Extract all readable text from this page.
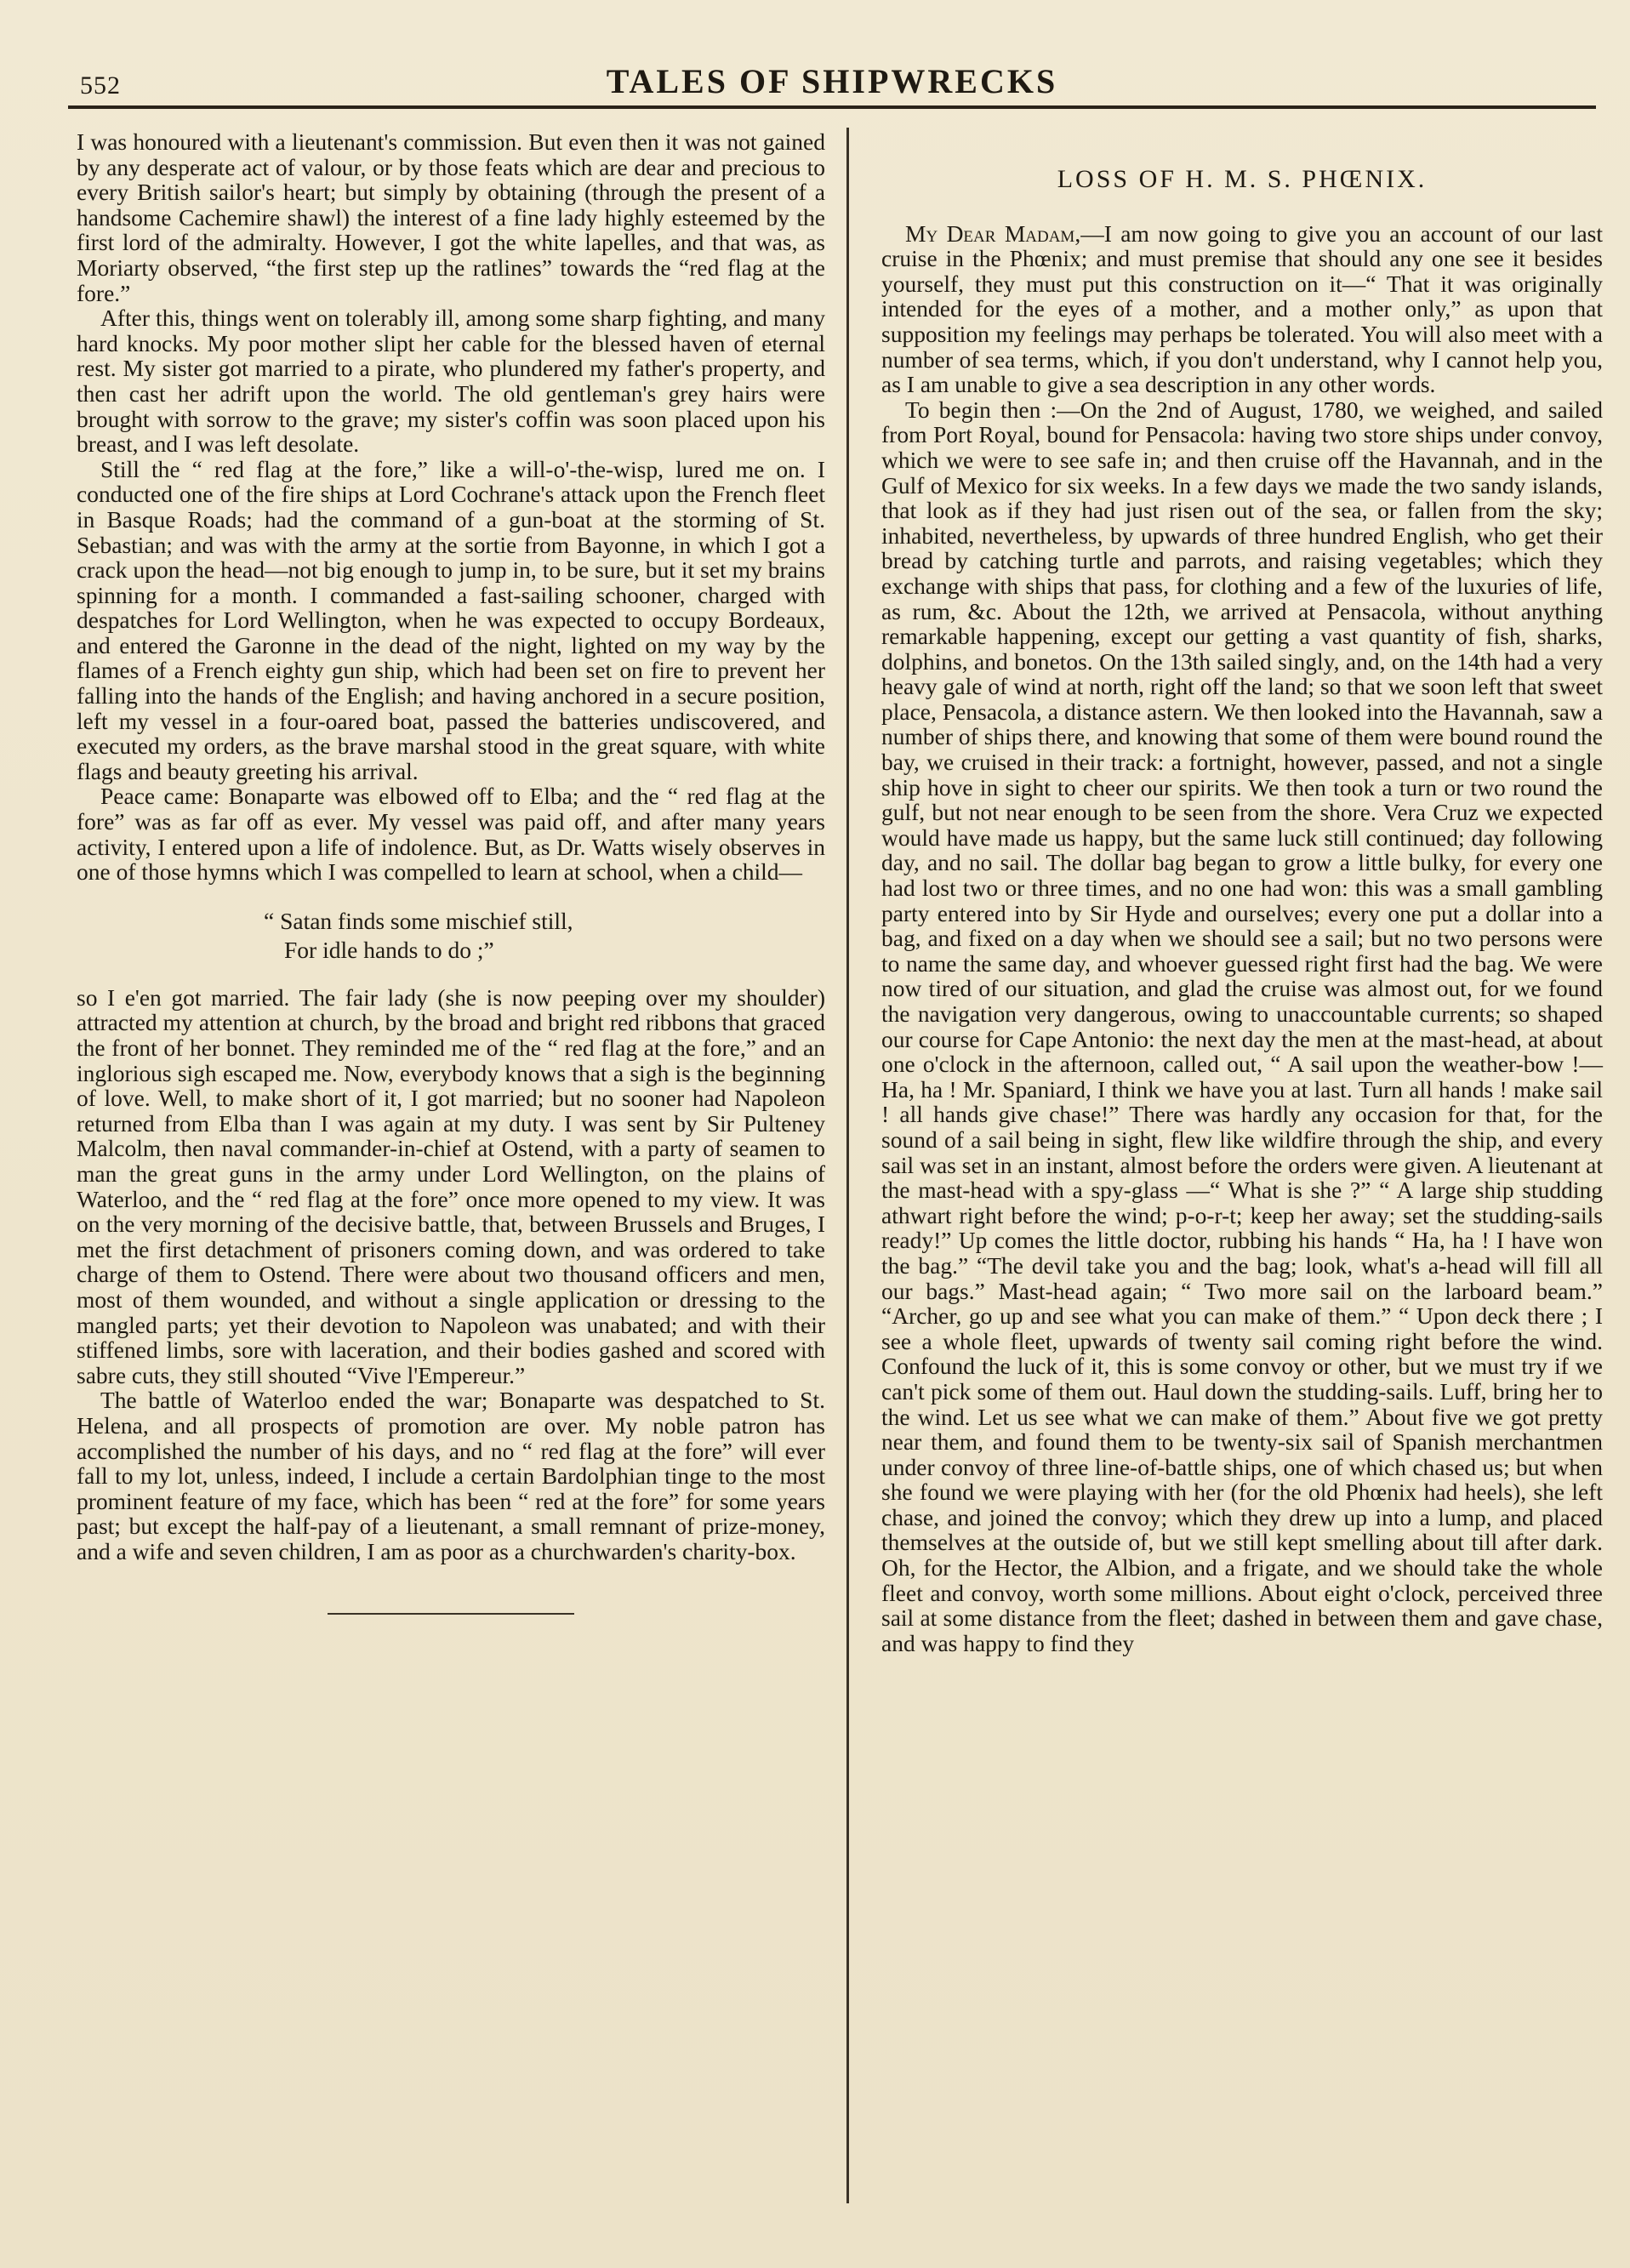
552	TALES OF SHIPWRECKS

I was honoured with a lieutenant's commission. But even then it was not gained by any desperate act of valour, or by those feats which are dear and precious to every British sailor's heart; but simply by obtaining (through the present of a handsome Cachemire shawl) the interest of a fine lady highly esteemed by the first lord of the admiralty. However, I got the white lapelles, and that was, as Moriarty observed, “the first step up the ratlines” towards the “red flag at the fore.”

After this, things went on tolerably ill, among some sharp fighting, and many hard knocks. My poor mother slipt her cable for the blessed haven of eternal rest. My sister got married to a pirate, who plundered my father's property, and then cast her adrift upon the world. The old gentleman's grey hairs were brought with sorrow to the grave; my sister's coffin was soon placed upon his breast, and I was left desolate.

Still the “ red flag at the fore,” like a will-o'-the-wisp, lured me on. I conducted one of the fire ships at Lord Cochrane's attack upon the French fleet in Basque Roads; had the command of a gun-boat at the storming of St. Sebastian; and was with the army at the sortie from Bayonne, in which I got a crack upon the head—not big enough to jump in, to be sure, but it set my brains spinning for a month. I commanded a fast-sailing schooner, charged with despatches for Lord Wellington, when he was expected to occupy Bordeaux, and entered the Garonne in the dead of the night, lighted on my way by the flames of a French eighty gun ship, which had been set on fire to prevent her falling into the hands of the English; and having anchored in a secure position, left my vessel in a four-oared boat, passed the batteries undiscovered, and executed my orders, as the brave marshal stood in the great square, with white flags and beauty greeting his arrival.

Peace came: Bonaparte was elbowed off to Elba; and the “ red flag at the fore” was as far off as ever. My vessel was paid off, and after many years activity, I entered upon a life of indolence. But, as Dr. Watts wisely observes in one of those hymns which I was compelled to learn at school, when a child—

“ Satan finds some mischief still,
For idle hands to do ;”

so I e'en got married. The fair lady (she is now peeping over my shoulder) attracted my attention at church, by the broad and bright red ribbons that graced the front of her bonnet. They reminded me of the “ red flag at the fore,” and an inglorious sigh escaped me. Now, everybody knows that a sigh is the beginning of love. Well, to make short of it, I got married; but no sooner had Napoleon returned from Elba than I was again at my duty. I was sent by Sir Pulteney Malcolm, then naval commander-in-chief at Ostend, with a party of seamen to man the great guns in the army under Lord Wellington, on the plains of Waterloo, and the “ red flag at the fore” once more opened to my view. It was on the very morning of the decisive battle, that, between Brussels and Bruges, I met the first detachment of prisoners coming down, and was ordered to take charge of them to Ostend. There were about two thousand officers and men, most of them wounded, and without a single application or dressing to the mangled parts; yet their devotion to Napoleon was unabated; and with their stiffened limbs, sore with laceration, and their bodies gashed and scored with sabre cuts, they still shouted “Vive l'Empereur.”

The battle of Waterloo ended the war; Bonaparte was despatched to St. Helena, and all prospects of promotion are over. My noble patron has accomplished the number of his days, and no “ red flag at the fore” will ever fall to my lot, unless, indeed, I include a certain Bardolphian tinge to the most prominent feature of my face, which has been “ red at the fore” for some years past; but except the half-pay of a lieutenant, a small remnant of prize-money, and a wife and seven children, I am as poor as a churchwarden's charity-box.

LOSS OF H. M. S. PHŒNIX.

My Dear Madam,—I am now going to give you an account of our last cruise in the Phœnix; and must premise that should any one see it besides yourself, they must put this construction on it—“ That it was originally intended for the eyes of a mother, and a mother only,” as upon that supposition my feelings may perhaps be tolerated. You will also meet with a number of sea terms, which, if you don't understand, why I cannot help you, as I am unable to give a sea description in any other words.

To begin then :—On the 2nd of August, 1780, we weighed, and sailed from Port Royal, bound for Pensacola: having two store ships under convoy, which we were to see safe in; and then cruise off the Havannah, and in the Gulf of Mexico for six weeks. In a few days we made the two sandy islands, that look as if they had just risen out of the sea, or fallen from the sky; inhabited, nevertheless, by upwards of three hundred English, who get their bread by catching turtle and parrots, and raising vegetables; which they exchange with ships that pass, for clothing and a few of the luxuries of life, as rum, &c. About the 12th, we arrived at Pensacola, without anything remarkable happening, except our getting a vast quantity of fish, sharks, dolphins, and bonetos. On the 13th sailed singly, and, on the 14th had a very heavy gale of wind at north, right off the land; so that we soon left that sweet place, Pensacola, a distance astern. We then looked into the Havannah, saw a number of ships there, and knowing that some of them were bound round the bay, we cruised in their track: a fortnight, however, passed, and not a single ship hove in sight to cheer our spirits. We then took a turn or two round the gulf, but not near enough to be seen from the shore. Vera Cruz we expected would have made us happy, but the same luck still continued; day following day, and no sail. The dollar bag began to grow a little bulky, for every one had lost two or three times, and no one had won: this was a small gambling party entered into by Sir Hyde and ourselves; every one put a dollar into a bag, and fixed on a day when we should see a sail; but no two persons were to name the same day, and whoever guessed right first had the bag. We were now tired of our situation, and glad the cruise was almost out, for we found the navigation very dangerous, owing to unaccountable currents; so shaped our course for Cape Antonio: the next day the men at the mast-head, at about one o'clock in the afternoon, called out, “ A sail upon the weather-bow !—Ha, ha ! Mr. Spaniard, I think we have you at last. Turn all hands ! make sail ! all hands give chase!” There was hardly any occasion for that, for the sound of a sail being in sight, flew like wildfire through the ship, and every sail was set in an instant, almost before the orders were given. A lieutenant at the mast-head with a spy-glass —“ What is she ?” “ A large ship studding athwart right before the wind; p-o-r-t; keep her away; set the studding-sails ready!” Up comes the little doctor, rubbing his hands “ Ha, ha ! I have won the bag.” “The devil take you and the bag; look, what's a-head will fill all our bags.” Mast-head again; “ Two more sail on the larboard beam.” “Archer, go up and see what you can make of them.” “ Upon deck there ; I see a whole fleet, upwards of twenty sail coming right before the wind. Confound the luck of it, this is some convoy or other, but we must try if we can't pick some of them out. Haul down the studding-sails. Luff, bring her to the wind. Let us see what we can make of them.” About five we got pretty near them, and found them to be twenty-six sail of Spanish merchantmen under convoy of three line-of-battle ships, one of which chased us; but when she found we were playing with her (for the old Phœnix had heels), she left chase, and joined the convoy; which they drew up into a lump, and placed themselves at the outside of, but we still kept smelling about till after dark. Oh, for the Hector, the Albion, and a frigate, and we should take the whole fleet and convoy, worth some millions. About eight o'clock, perceived three sail at some distance from the fleet; dashed in between them and gave chase, and was happy to find they
